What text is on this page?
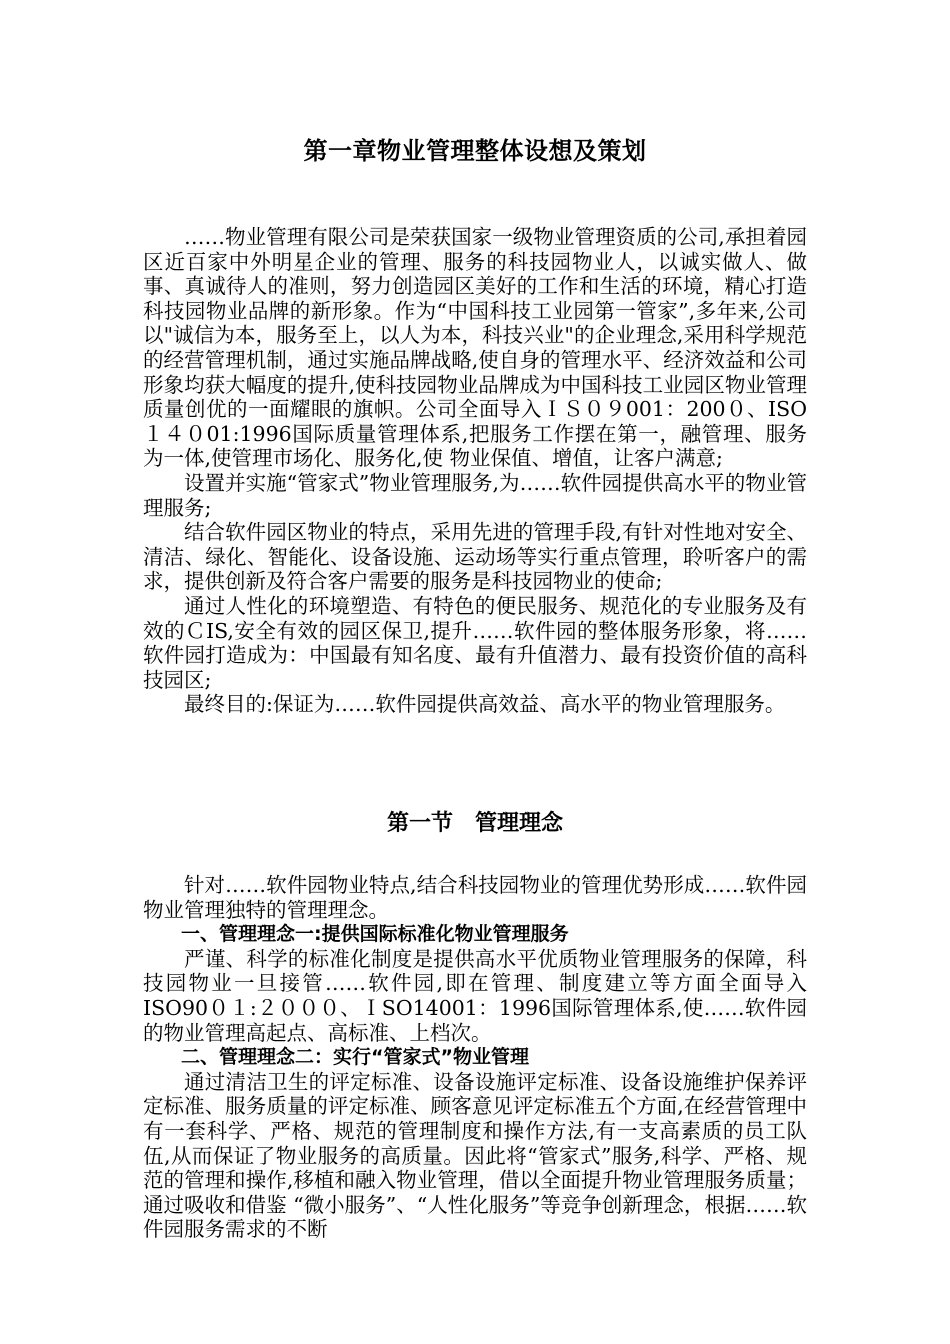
第一章物业管理整体设想及策划

……物业管理有限公司是荣获国家一级物业管理资质的公司,承担着园区近百家中外明星企业的管理、服务的科技园物业人，以诚实做人、做事、真诚待人的准则，努力创造园区美好的工作和生活的环境，精心打造科技园物业品牌的新形象。作为“中国科技工业园第一管家”,多年来,公司以"诚信为本，服务至上，以人为本，科技兴业"的企业理念,采用科学规范的经营管理机制，通过实施品牌战略,使自身的管理水平、经济效益和公司形象均获大幅度的提升,使科技园物业品牌成为中国科技工业园区物业管理质量创优的一面耀眼的旗帜。公司全面导入ＩＳ０９001：200０、ISO１４０01:1996国际质量管理体系,把服务工作摆在第一，融管理、服务为一体,使管理市场化、服务化,使 物业保值、增值，让客户满意;

设置并实施“管家式”物业管理服务,为……软件园提供高水平的物业管理服务;

结合软件园区物业的特点，采用先进的管理手段,有针对性地对安全、清洁、绿化、智能化、设备设施、运动场等实行重点管理，聆听客户的需求，提供创新及符合客户需要的服务是科技园物业的使命;

通过人性化的环境塑造、有特色的便民服务、规范化的专业服务及有效的ＣIS,安全有效的园区保卫,提升……软件园的整体服务形象，将……软件园打造成为：中国最有知名度、最有升值潜力、最有投资价值的高科技园区;

最终目的:保证为……软件园提供高效益、高水平的物业管理服务。

第一节　管理理念

针对……软件园物业特点,结合科技园物业的管理优势形成……软件园物业管理独特的管理理念。

一、管理理念一:提供国际标准化物业管理服务

严谨、科学的标准化制度是提供高水平优质物业管理服务的保障，科技园物业一旦接管……软件园,即在管理、制度建立等方面全面导入ISO90０１:２０００、ＩSO14001：1996国际管理体系,使……软件园的物业管理高起点、高标准、上档次。

二、管理理念二：实行“管家式”物业管理

通过清洁卫生的评定标准、设备设施评定标准、设备设施维护保养评定标准、服务质量的评定标准、顾客意见评定标准五个方面,在经营管理中有一套科学、严格、规范的管理制度和操作方法,有一支高素质的员工队伍,从而保证了物业服务的高质量。因此将“管家式”服务,科学、严格、规范的管理和操作,移植和融入物业管理，借以全面提升物业管理服务质量；通过吸收和借鉴 “微小服务”、“人性化服务”等竞争创新理念，根据……软件园服务需求的不断
